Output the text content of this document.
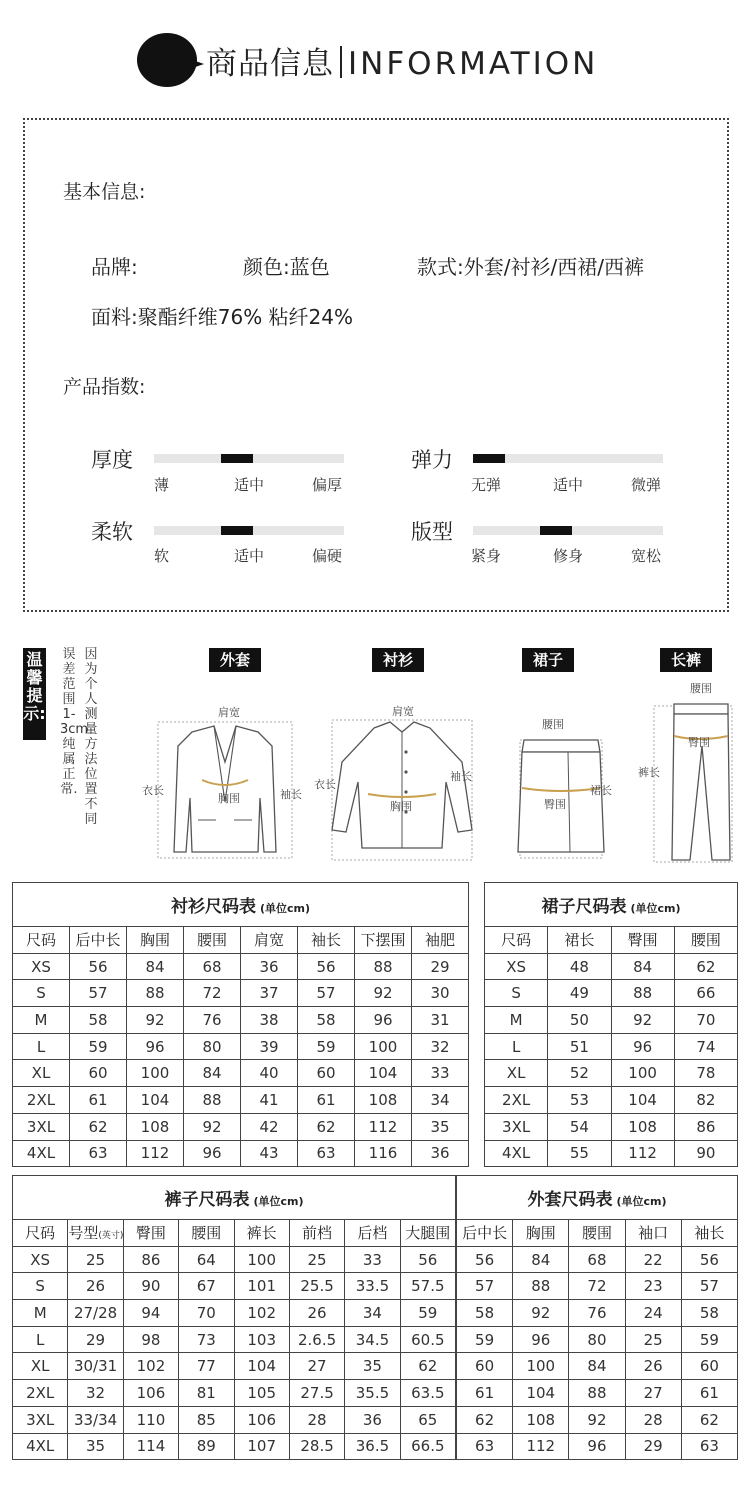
商品信息 INFORMATION
基本信息:
品牌:	颜色:蓝色	款式:外套/衬衫/西裙/西裤
面料:聚酯纤维76% 粘纤24%
产品指数:
厚度
薄	适中	偏厚
弹力
无弹	适中	微弹
柔软
软	适中	偏硬
版型
紧身	修身	宽松
温馨提示:
因为个人测量方法位置不同
误差范围1-3cm纯属正常.
外套	衬衫	裙子	长裤
肩宽
衣长
胸围	袖长
肩宽
衣长
胸围
袖长
腰围
臀围
裙长
腰围
臀围
裤长
衬衫尺码表 (单位cm)							
尺码	后中长	胸围	腰围	肩宽	袖长	下摆围	袖肥
XS	56	84	68	36	56	88	29
S	57	88	72	37	57	92	30
M	58	92	76	38	58	96	31
L	59	96	80	39	59	100	32
XL	60	100	84	40	60	104	33
2XL	61	104	88	41	61	108	34
3XL	62	108	92	42	62	112	35
4XL	63	112	96	43	63	116	36
裙子尺码表 (单位cm)			
尺码	裙长	臀围	腰围
XS	48	84	62
S	49	88	66
M	50	92	70
L	51	96	74
XL	52	100	78
2XL	53	104	82
3XL	54	108	86
4XL	55	112	90
裤子尺码表 (单位cm)							
尺码	号型(英寸)	臀围	腰围	裤长	前档	后档	大腿围
XS	25	86	64	100	25	33	56
S	26	90	67	101	25.5	33.5	57.5
M	27/28	94	70	102	26	34	59
L	29	98	73	103	2.6.5	34.5	60.5
XL	30/31	102	77	104	27	35	62
2XL	32	106	81	105	27.5	35.5	63.5
3XL	33/34	110	85	106	28	36	65
4XL	35	114	89	107	28.5	36.5	66.5
外套尺码表 (单位cm)				
后中长	胸围	腰围	袖口	袖长
56	84	68	22	56
57	88	72	23	57
58	92	76	24	58
59	96	80	25	59
60	100	84	26	60
61	104	88	27	61
62	108	92	28	62
63	112	96	29	63
